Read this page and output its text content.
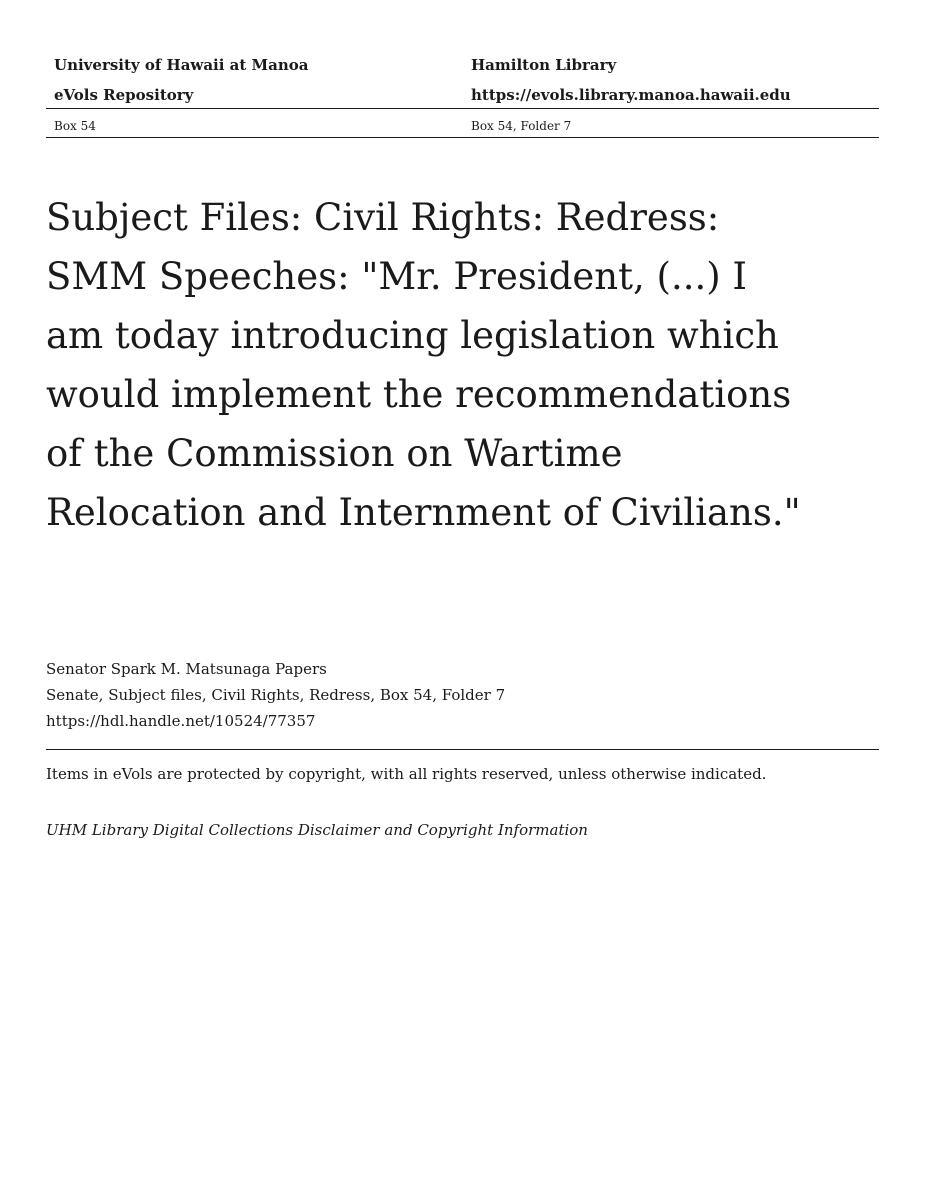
University of Hawaii at Manoa	Hamilton Library
eVols Repository	https://evols.library.manoa.hawaii.edu
Box 54	Box 54, Folder 7
Subject Files: Civil Rights: Redress: SMM Speeches: "Mr. President, (...) I am today introducing legislation which would implement the recommendations of the Commission on Wartime Relocation and Internment of Civilians."
Senator Spark M. Matsunaga Papers
Senate, Subject files, Civil Rights, Redress, Box 54, Folder 7
https://hdl.handle.net/10524/77357
Items in eVols are protected by copyright, with all rights reserved, unless otherwise indicated.
UHM Library Digital Collections Disclaimer and Copyright Information
